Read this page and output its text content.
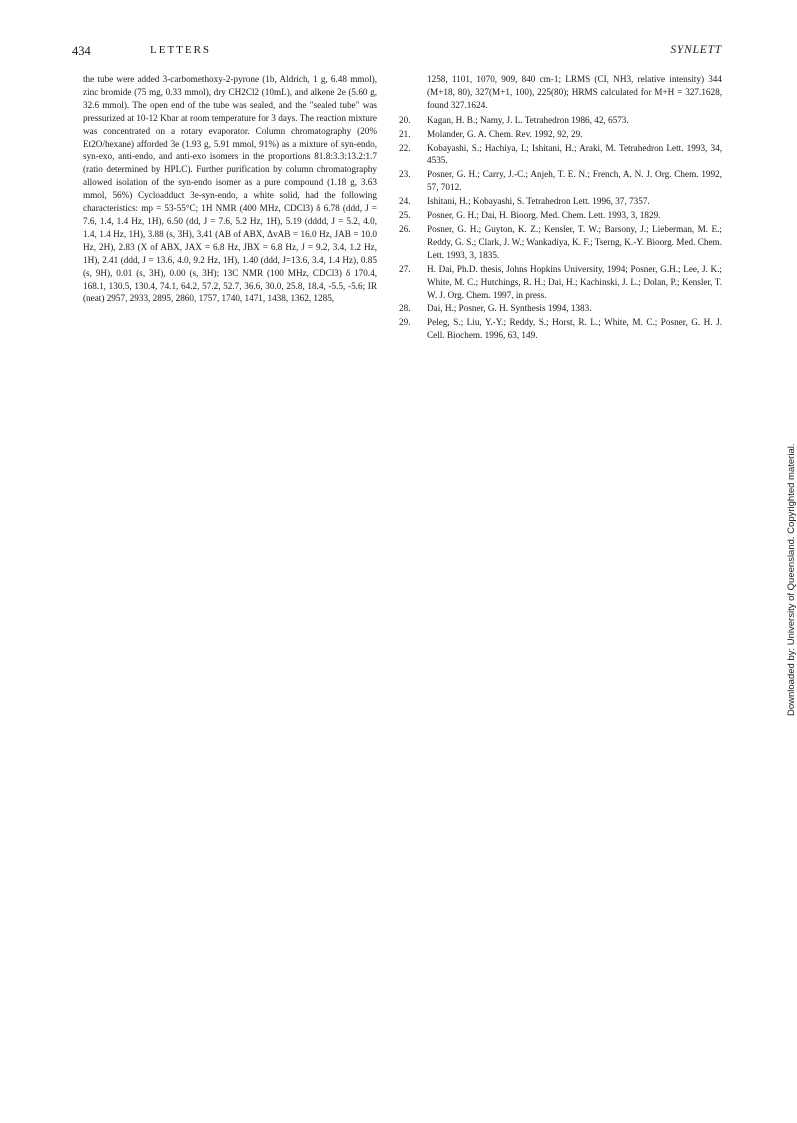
434	LETTERS	SYNLETT

the tube were added 3-carbomethoxy-2-pyrone (1b, Aldrich, 1 g, 6.48 mmol), zinc bromide (75 mg, 0.33 mmol), dry CH2Cl2 (10mL), and alkene 2e (5.60 g, 32.6 mmol). The open end of the tube was sealed, and the "sealed tube" was pressurized at 10-12 Kbar at room temperature for 3 days. The reaction mixture was concentrated on a rotary evaporator. Column chromatography (20% Et2O/hexane) afforded 3e (1.93 g, 5.91 mmol, 91%) as a mixture of syn-endo, syn-exo, anti-endo, and anti-exo isomers in the proportions 81.8:3.3:13.2:1.7 (ratio determined by HPLC). Further purification by column chromatography allowed isolation of the syn-endo isomer as a pure compound (1.18 g, 3.63 mmol, 56%) Cycloadduct 3e-syn-endo, a white solid, had the following characteristics: mp = 53-55°C; 1H NMR (400 MHz, CDCl3) δ 6.78 (ddd, J = 7.6, 1.4, 1.4 Hz, 1H), 6.50 (dd, J = 7.6, 5.2 Hz, 1H), 5.19 (dddd, J = 5.2, 4.0, 1.4, 1.4 Hz, 1H), 3.88 (s, 3H), 3.41 (AB of ABX, ΔvAB = 16.0 Hz, JAB = 10.0 Hz, 2H), 2.83 (X of ABX, JAX = 6.8 Hz, JBX = 6.8 Hz, J = 9.2, 3.4, 1.2 Hz, 1H), 2.41 (ddd, J = 13.6, 4.0, 9.2 Hz, 1H), 1.40 (ddd, J=13.6, 3.4, 1.4 Hz), 0.85 (s, 9H), 0.01 (s, 3H), 0.00 (s, 3H); 13C NMR (100 MHz, CDCl3) δ 170.4, 168.1, 130.5, 130.4, 74.1, 64.2, 57.2, 52.7, 36.6, 30.0, 25.8, 18.4, -5.5, -5.6; IR (neat) 2957, 2933, 2895, 2860, 1757, 1740, 1471, 1438, 1362, 1285,

1258, 1101, 1070, 909, 840 cm-1; LRMS (CI, NH3, relative intensity) 344 (M+18, 80), 327(M+1, 100), 225(80); HRMS calculated for M+H = 327.1628, found 327.1624.

20.	Kagan, H. B.; Namy, J. L. Tetrahedron 1986, 42, 6573.
21.	Molander, G. A. Chem. Rev. 1992, 92, 29.
22.	Kobayashi, S.; Hachiya, I.; Ishitani, H.; Araki, M. Tetrahedron Lett. 1993, 34, 4535.
23.	Posner, G. H.; Carry, J.-C.; Anjeh, T. E. N.; French, A. N. J. Org. Chem. 1992, 57, 7012.
24.	Ishitani, H.; Kobayashi, S. Tetrahedron Lett. 1996, 37, 7357.
25.	Posner, G. H.; Dai, H. Bioorg. Med. Chem. Lett. 1993, 3, 1829.
26.	Posner, G. H.; Guyton, K. Z.; Kensler, T. W.; Barsony, J.; Lieberman, M. E.; Reddy, G. S.; Clark, J. W.; Wankadiya, K. F.; Tserng, K.-Y. Bioorg. Med. Chem. Lett. 1993, 3, 1835.
27.	H. Dai, Ph.D. thesis, Johns Hopkins University, 1994; Posner, G.H.; Lee, J. K.; White, M. C.; Hutchings, R. H.; Dai, H.; Kachinski, J. L.; Dolan, P.; Kensler, T. W. J. Org. Chem. 1997, in press.
28.	Dai, H.; Posner, G. H. Synthesis 1994, 1383.
29.	Peleg, S.; Liu, Y.-Y.; Reddy, S.; Horst, R. L.; White, M. C.; Posner, G. H. J. Cell. Biochem. 1996, 63, 149.
Downloaded by: University of Queensland. Copyrighted material.
